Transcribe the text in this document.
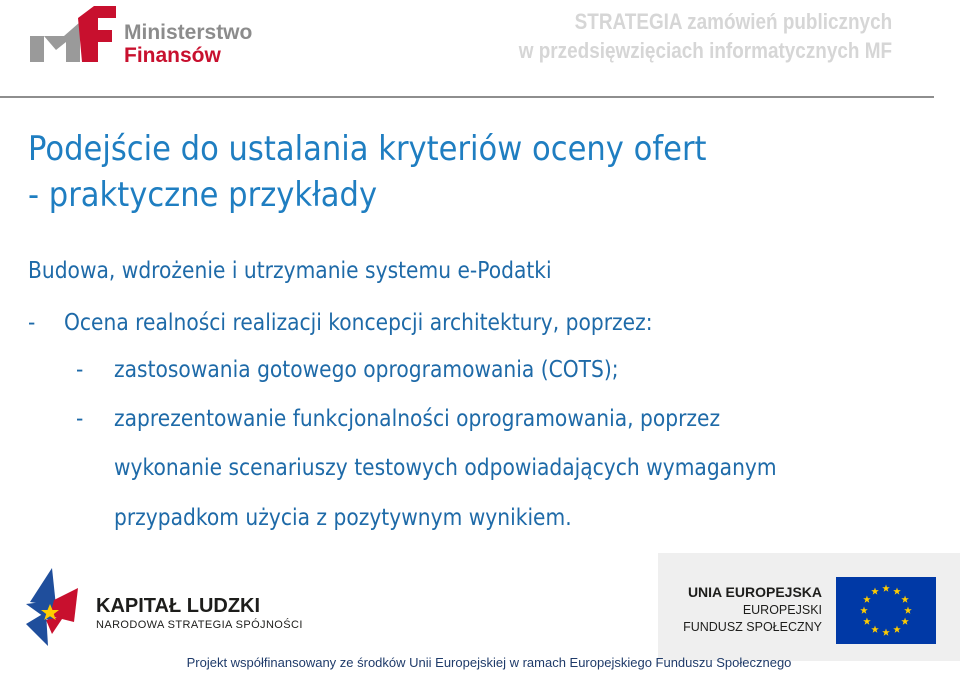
Ministerstwo
Finansów
STRATEGIA zamówień publicznych
w przedsięwzięciach informatycznych MF
Podejście do ustalania kryteriów oceny ofert
- praktyczne przykłady
Budowa, wdrożenie i utrzymanie systemu e-Podatki
- Ocena realności realizacji koncepcji architektury, poprzez:
- zastosowania gotowego oprogramowania (COTS);
- zaprezentowanie funkcjonalności oprogramowania, poprzez
wykonanie scenariuszy testowych odpowiadających wymaganym
przypadkom użycia z pozytywnym wynikiem.
KAPITAŁ LUDZKI
NARODOWA STRATEGIA SPÓJNOŚCI
UNIA EUROPEJSKA
EUROPEJSKI
FUNDUSZ SPOŁECZNY
Projekt współfinansowany ze środków Unii Europejskiej w ramach Europejskiego Funduszu Społecznego
